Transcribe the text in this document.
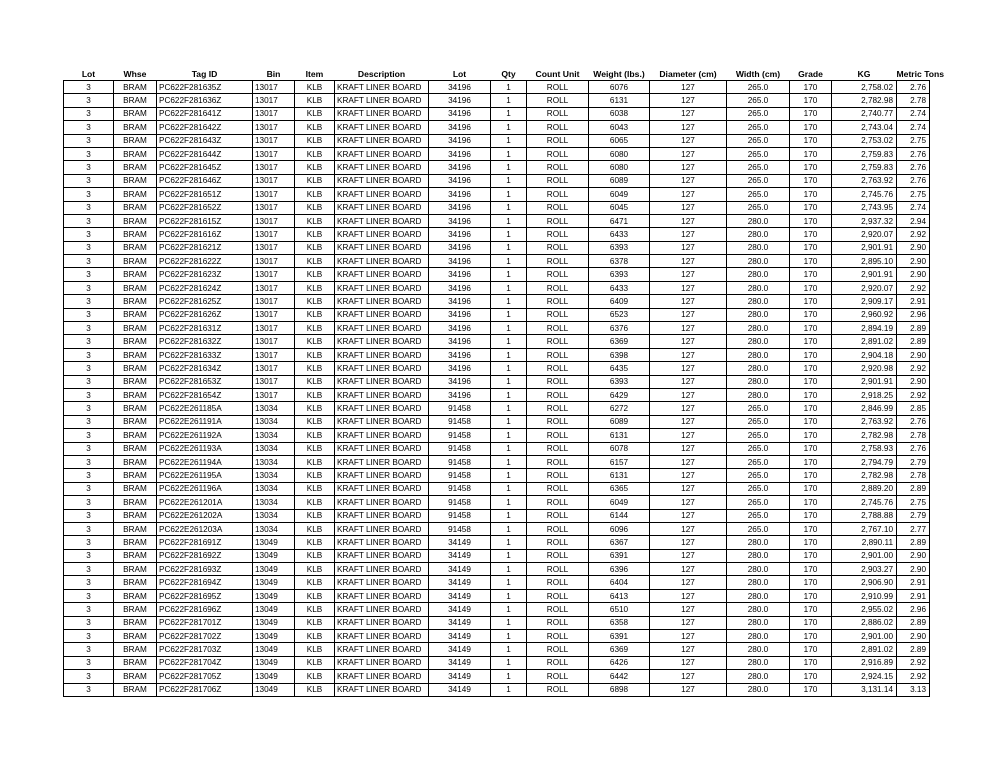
Lot	Whse	Tag ID	Bin	Item	Description	Lot	Qty	Count Unit	Weight (lbs.)	Diameter (cm)	Width (cm)	Grade	KG	Metric Tons
3	BRAM	PC622F281635Z	13017	KLB	KRAFT LINER BOARD	34196	1	ROLL	6076	127	265.0	170	2,758.02	2.76
3	BRAM	PC622F281636Z	13017	KLB	KRAFT LINER BOARD	34196	1	ROLL	6131	127	265.0	170	2,782.98	2.78
3	BRAM	PC622F281641Z	13017	KLB	KRAFT LINER BOARD	34196	1	ROLL	6038	127	265.0	170	2,740.77	2.74
3	BRAM	PC622F281642Z	13017	KLB	KRAFT LINER BOARD	34196	1	ROLL	6043	127	265.0	170	2,743.04	2.74
3	BRAM	PC622F281643Z	13017	KLB	KRAFT LINER BOARD	34196	1	ROLL	6065	127	265.0	170	2,753.02	2.75
3	BRAM	PC622F281644Z	13017	KLB	KRAFT LINER BOARD	34196	1	ROLL	6080	127	265.0	170	2,759.83	2.76
3	BRAM	PC622F281645Z	13017	KLB	KRAFT LINER BOARD	34196	1	ROLL	6080	127	265.0	170	2,759.83	2.76
3	BRAM	PC622F281646Z	13017	KLB	KRAFT LINER BOARD	34196	1	ROLL	6089	127	265.0	170	2,763.92	2.76
3	BRAM	PC622F281651Z	13017	KLB	KRAFT LINER BOARD	34196	1	ROLL	6049	127	265.0	170	2,745.76	2.75
3	BRAM	PC622F281652Z	13017	KLB	KRAFT LINER BOARD	34196	1	ROLL	6045	127	265.0	170	2,743.95	2.74
3	BRAM	PC622F281615Z	13017	KLB	KRAFT LINER BOARD	34196	1	ROLL	6471	127	280.0	170	2,937.32	2.94
3	BRAM	PC622F281616Z	13017	KLB	KRAFT LINER BOARD	34196	1	ROLL	6433	127	280.0	170	2,920.07	2.92
3	BRAM	PC622F281621Z	13017	KLB	KRAFT LINER BOARD	34196	1	ROLL	6393	127	280.0	170	2,901.91	2.90
3	BRAM	PC622F281622Z	13017	KLB	KRAFT LINER BOARD	34196	1	ROLL	6378	127	280.0	170	2,895.10	2.90
3	BRAM	PC622F281623Z	13017	KLB	KRAFT LINER BOARD	34196	1	ROLL	6393	127	280.0	170	2,901.91	2.90
3	BRAM	PC622F281624Z	13017	KLB	KRAFT LINER BOARD	34196	1	ROLL	6433	127	280.0	170	2,920.07	2.92
3	BRAM	PC622F281625Z	13017	KLB	KRAFT LINER BOARD	34196	1	ROLL	6409	127	280.0	170	2,909.17	2.91
3	BRAM	PC622F281626Z	13017	KLB	KRAFT LINER BOARD	34196	1	ROLL	6523	127	280.0	170	2,960.92	2.96
3	BRAM	PC622F281631Z	13017	KLB	KRAFT LINER BOARD	34196	1	ROLL	6376	127	280.0	170	2,894.19	2.89
3	BRAM	PC622F281632Z	13017	KLB	KRAFT LINER BOARD	34196	1	ROLL	6369	127	280.0	170	2,891.02	2.89
3	BRAM	PC622F281633Z	13017	KLB	KRAFT LINER BOARD	34196	1	ROLL	6398	127	280.0	170	2,904.18	2.90
3	BRAM	PC622F281634Z	13017	KLB	KRAFT LINER BOARD	34196	1	ROLL	6435	127	280.0	170	2,920.98	2.92
3	BRAM	PC622F281653Z	13017	KLB	KRAFT LINER BOARD	34196	1	ROLL	6393	127	280.0	170	2,901.91	2.90
3	BRAM	PC622F281654Z	13017	KLB	KRAFT LINER BOARD	34196	1	ROLL	6429	127	280.0	170	2,918.25	2.92
3	BRAM	PC622E261185A	13034	KLB	KRAFT LINER BOARD	91458	1	ROLL	6272	127	265.0	170	2,846.99	2.85
3	BRAM	PC622E261191A	13034	KLB	KRAFT LINER BOARD	91458	1	ROLL	6089	127	265.0	170	2,763.92	2.76
3	BRAM	PC622E261192A	13034	KLB	KRAFT LINER BOARD	91458	1	ROLL	6131	127	265.0	170	2,782.98	2.78
3	BRAM	PC622E261193A	13034	KLB	KRAFT LINER BOARD	91458	1	ROLL	6078	127	265.0	170	2,758.93	2.76
3	BRAM	PC622E261194A	13034	KLB	KRAFT LINER BOARD	91458	1	ROLL	6157	127	265.0	170	2,794.79	2.79
3	BRAM	PC622E261195A	13034	KLB	KRAFT LINER BOARD	91458	1	ROLL	6131	127	265.0	170	2,782.98	2.78
3	BRAM	PC622E261196A	13034	KLB	KRAFT LINER BOARD	91458	1	ROLL	6365	127	265.0	170	2,889.20	2.89
3	BRAM	PC622E261201A	13034	KLB	KRAFT LINER BOARD	91458	1	ROLL	6049	127	265.0	170	2,745.76	2.75
3	BRAM	PC622E261202A	13034	KLB	KRAFT LINER BOARD	91458	1	ROLL	6144	127	265.0	170	2,788.88	2.79
3	BRAM	PC622E261203A	13034	KLB	KRAFT LINER BOARD	91458	1	ROLL	6096	127	265.0	170	2,767.10	2.77
3	BRAM	PC622F281691Z	13049	KLB	KRAFT LINER BOARD	34149	1	ROLL	6367	127	280.0	170	2,890.11	2.89
3	BRAM	PC622F281692Z	13049	KLB	KRAFT LINER BOARD	34149	1	ROLL	6391	127	280.0	170	2,901.00	2.90
3	BRAM	PC622F281693Z	13049	KLB	KRAFT LINER BOARD	34149	1	ROLL	6396	127	280.0	170	2,903.27	2.90
3	BRAM	PC622F281694Z	13049	KLB	KRAFT LINER BOARD	34149	1	ROLL	6404	127	280.0	170	2,906.90	2.91
3	BRAM	PC622F281695Z	13049	KLB	KRAFT LINER BOARD	34149	1	ROLL	6413	127	280.0	170	2,910.99	2.91
3	BRAM	PC622F281696Z	13049	KLB	KRAFT LINER BOARD	34149	1	ROLL	6510	127	280.0	170	2,955.02	2.96
3	BRAM	PC622F281701Z	13049	KLB	KRAFT LINER BOARD	34149	1	ROLL	6358	127	280.0	170	2,886.02	2.89
3	BRAM	PC622F281702Z	13049	KLB	KRAFT LINER BOARD	34149	1	ROLL	6391	127	280.0	170	2,901.00	2.90
3	BRAM	PC622F281703Z	13049	KLB	KRAFT LINER BOARD	34149	1	ROLL	6369	127	280.0	170	2,891.02	2.89
3	BRAM	PC622F281704Z	13049	KLB	KRAFT LINER BOARD	34149	1	ROLL	6426	127	280.0	170	2,916.89	2.92
3	BRAM	PC622F281705Z	13049	KLB	KRAFT LINER BOARD	34149	1	ROLL	6442	127	280.0	170	2,924.15	2.92
3	BRAM	PC622F281706Z	13049	KLB	KRAFT LINER BOARD	34149	1	ROLL	6898	127	280.0	170	3,131.14	3.13
